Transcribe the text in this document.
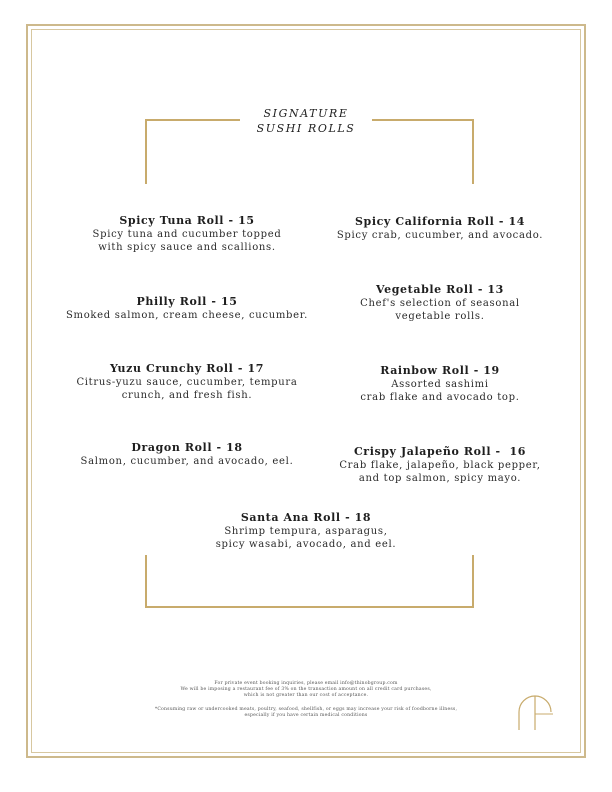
SIGNATURE
SUSHI ROLLS
Spicy Tuna Roll - 15
Spicy tuna and cucumber topped
with spicy sauce and scallions.
Philly Roll - 15
Smoked salmon, cream cheese, cucumber.
Yuzu Crunchy Roll - 17
Citrus-yuzu sauce, cucumber, tempura
crunch, and fresh fish.
Dragon Roll - 18
Salmon, cucumber, and avocado, eel.
Spicy California Roll - 14
Spicy crab, cucumber, and avocado.
Vegetable Roll - 13
Chef's selection of seasonal
vegetable rolls.
Rainbow Roll - 19
Assorted sashimi
crab flake and avocado top.
Crispy Jalapeño Roll -  16
Crab flake, jalapeño, black pepper,
and top salmon, spicy mayo.
Santa Ana Roll - 18
Shrimp tempura, asparagus,
spicy wasabi, avocado, and eel.
For private event booking inquiries, please email info@thinobgroup.com
We will be imposing a restaurant fee of 3% on the transaction amount on all credit card purchases,
which is not greater than our cost of acceptance.
*Consuming raw or undercooked meats, poultry, seafood, shellfish, or eggs may increase your risk of foodborne illness,
especially if you have certain medical conditions
